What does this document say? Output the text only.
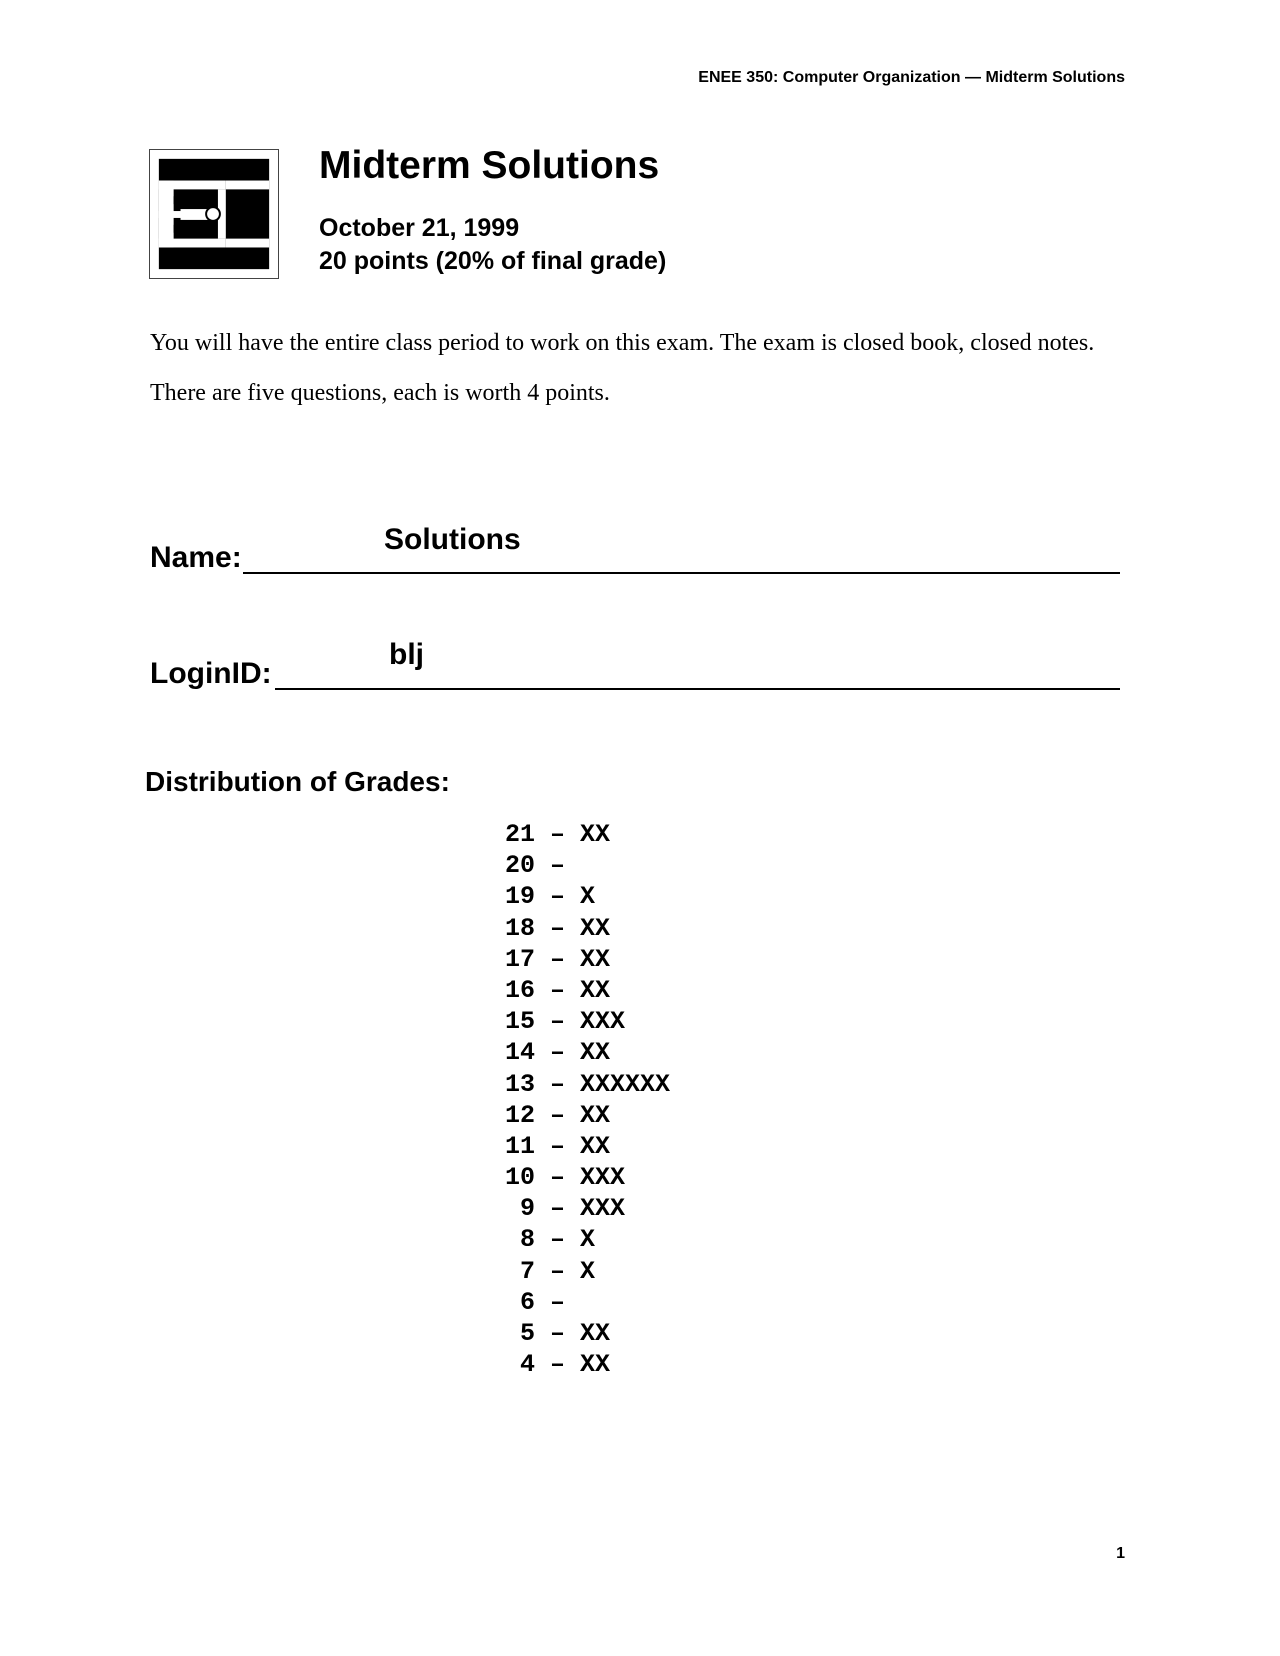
ENEE 350: Computer Organization — Midterm Solutions
Midterm Solutions
October 21, 1999
20 points (20% of final grade)
You will have the entire class period to work on this exam. The exam is closed book, closed notes.
There are five questions, each is worth 4 points.
Name:
Solutions
LoginID:
blj
Distribution of Grades:
21 – XX
20 –
19 – X
18 – XX
17 – XX
16 – XX
15 – XXX
14 – XX
13 – XXXXXX
12 – XX
11 – XX
10 – XXX
9 – XXX
8 – X
7 – X
6 –
5 – XX
4 – XX
1
